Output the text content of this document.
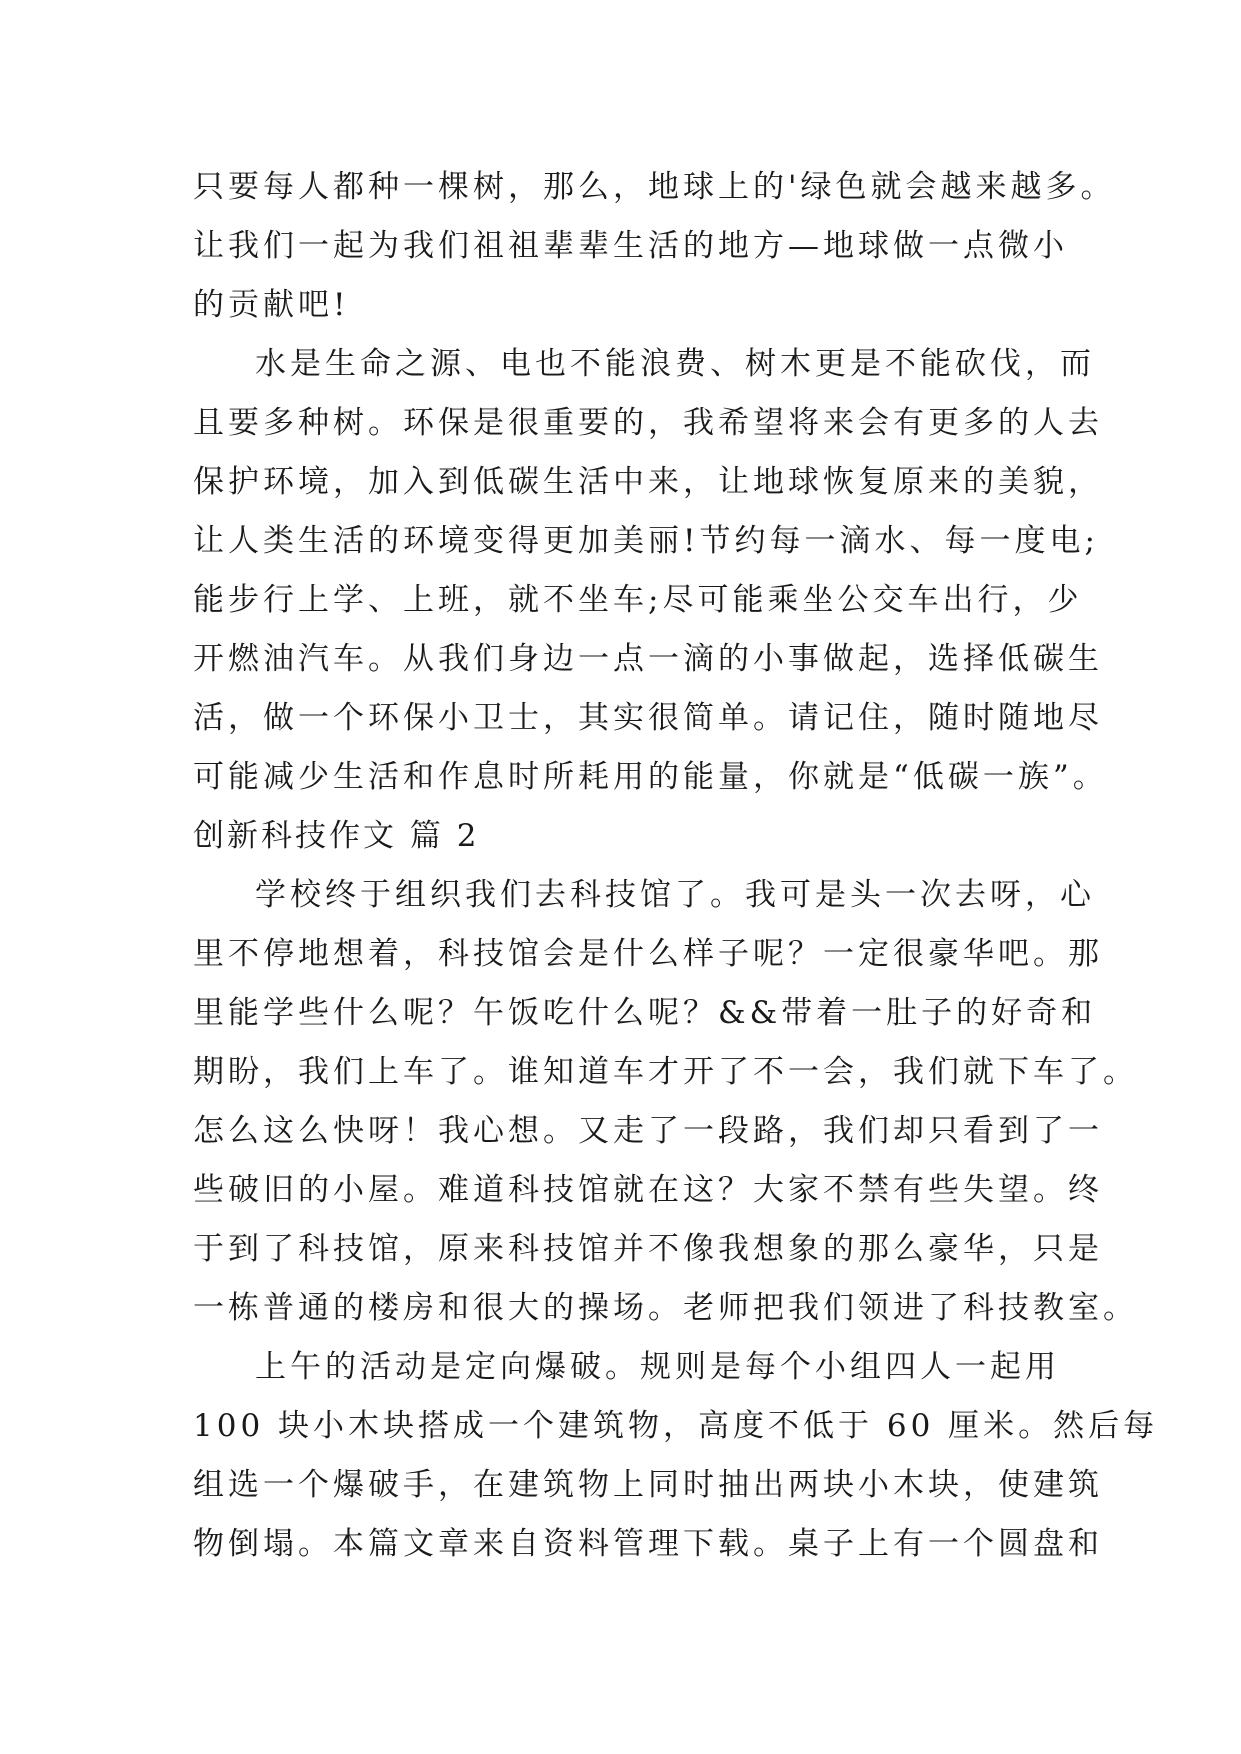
只要每人都种一棵树，那么，地球上的'绿色就会越来越多。
让我们一起为我们祖祖辈辈生活的地方—地球做一点微小
的贡献吧!
水是生命之源、电也不能浪费、树木更是不能砍伐，而
且要多种树。环保是很重要的，我希望将来会有更多的人去
保护环境，加入到低碳生活中来，让地球恢复原来的美貌，
让人类生活的环境变得更加美丽!节约每一滴水、每一度电;
能步行上学、上班，就不坐车;尽可能乘坐公交车出行，少
开燃油汽车。从我们身边一点一滴的小事做起，选择低碳生
活，做一个环保小卫士，其实很简单。请记住，随时随地尽
可能减少生活和作息时所耗用的能量，你就是“低碳一族”。
创新科技作文 篇 2
学校终于组织我们去科技馆了。我可是头一次去呀，心
里不停地想着，科技馆会是什么样子呢？一定很豪华吧。那
里能学些什么呢？午饭吃什么呢？&&带着一肚子的好奇和
期盼，我们上车了。谁知道车才开了不一会，我们就下车了。
怎么这么快呀！我心想。又走了一段路，我们却只看到了一
些破旧的小屋。难道科技馆就在这？大家不禁有些失望。终
于到了科技馆，原来科技馆并不像我想象的那么豪华，只是
一栋普通的楼房和很大的操场。老师把我们领进了科技教室。
上午的活动是定向爆破。规则是每个小组四人一起用
100 块小木块搭成一个建筑物，高度不低于 60 厘米。然后每
组选一个爆破手，在建筑物上同时抽出两块小木块，使建筑
物倒塌。本篇文章来自资料管理下载。桌子上有一个圆盘和
